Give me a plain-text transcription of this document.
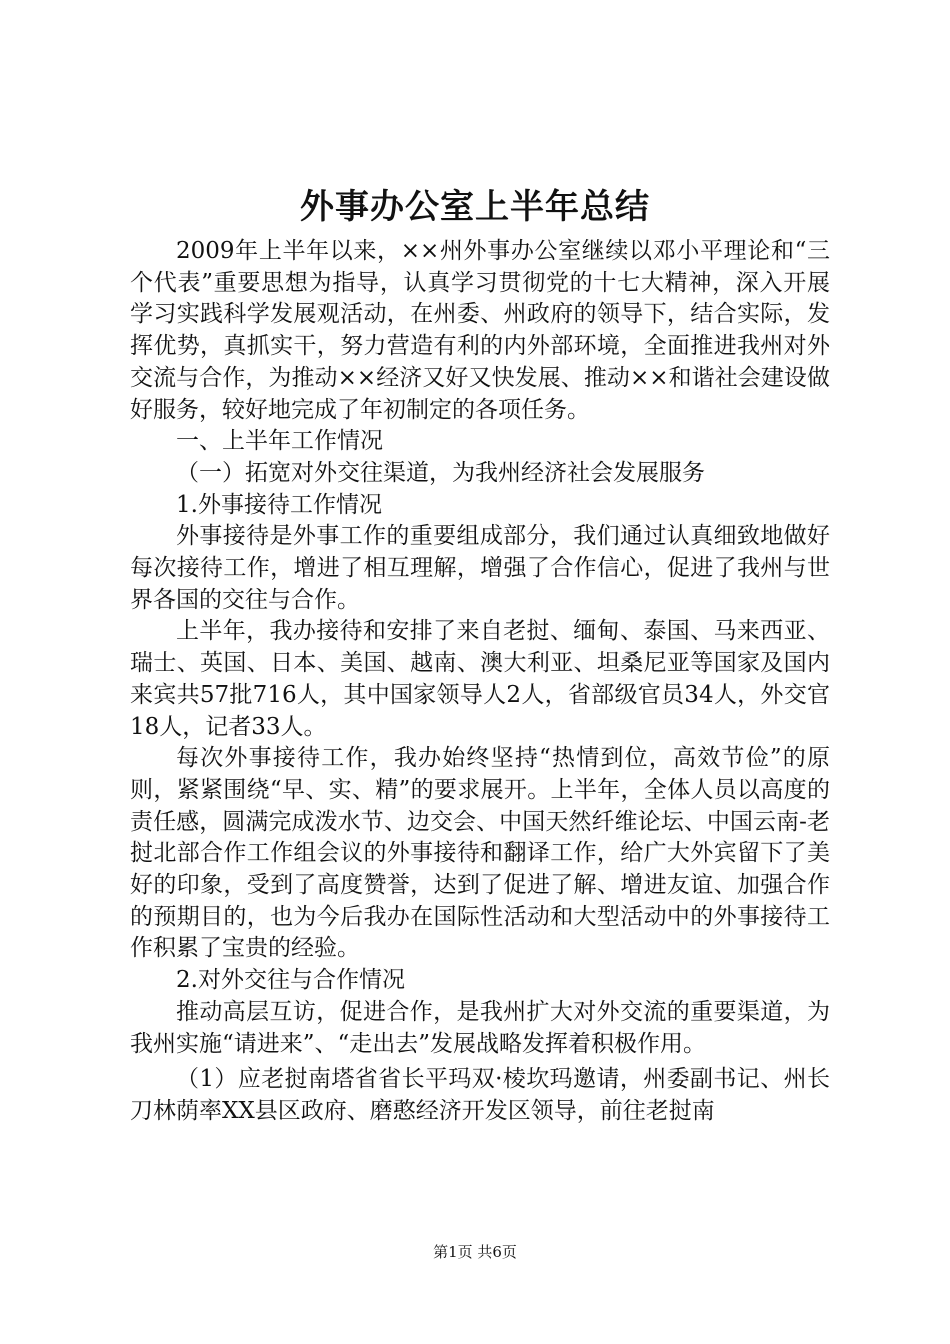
外事办公室上半年总结

2009年上半年以来，××州外事办公室继续以邓小平理论和“三个代表”重要思想为指导，认真学习贯彻党的十七大精神，深入开展学习实践科学发展观活动，在州委、州政府的领导下，结合实际，发挥优势，真抓实干，努力营造有利的内外部环境，全面推进我州对外交流与合作，为推动××经济又好又快发展、推动××和谐社会建设做好服务，较好地完成了年初制定的各项任务。

一、上半年工作情况

（一）拓宽对外交往渠道，为我州经济社会发展服务

1.外事接待工作情况

外事接待是外事工作的重要组成部分，我们通过认真细致地做好每次接待工作，增进了相互理解，增强了合作信心，促进了我州与世界各国的交往与合作。

上半年，我办接待和安排了来自老挝、缅甸、泰国、马来西亚、瑞士、英国、日本、美国、越南、澳大利亚、坦桑尼亚等国家及国内来宾共57批716人，其中国家领导人2人，省部级官员34人，外交官18人，记者33人。

每次外事接待工作，我办始终坚持“热情到位，高效节俭”的原则，紧紧围绕“早、实、精”的要求展开。上半年，全体人员以高度的责任感，圆满完成泼水节、边交会、中国天然纤维论坛、中国云南-老挝北部合作工作组会议的外事接待和翻译工作，给广大外宾留下了美好的印象，受到了高度赞誉，达到了促进了解、增进友谊、加强合作的预期目的，也为今后我办在国际性活动和大型活动中的外事接待工作积累了宝贵的经验。

2.对外交往与合作情况

推动高层互访，促进合作，是我州扩大对外交流的重要渠道，为我州实施“请进来”、“走出去”发展战略发挥着积极作用。

（1）应老挝南塔省省长平玛双·棱坎玛邀请，州委副书记、州长刀林荫率XX县区政府、磨憨经济开发区领导，前往老挝南

第1页 共6页
